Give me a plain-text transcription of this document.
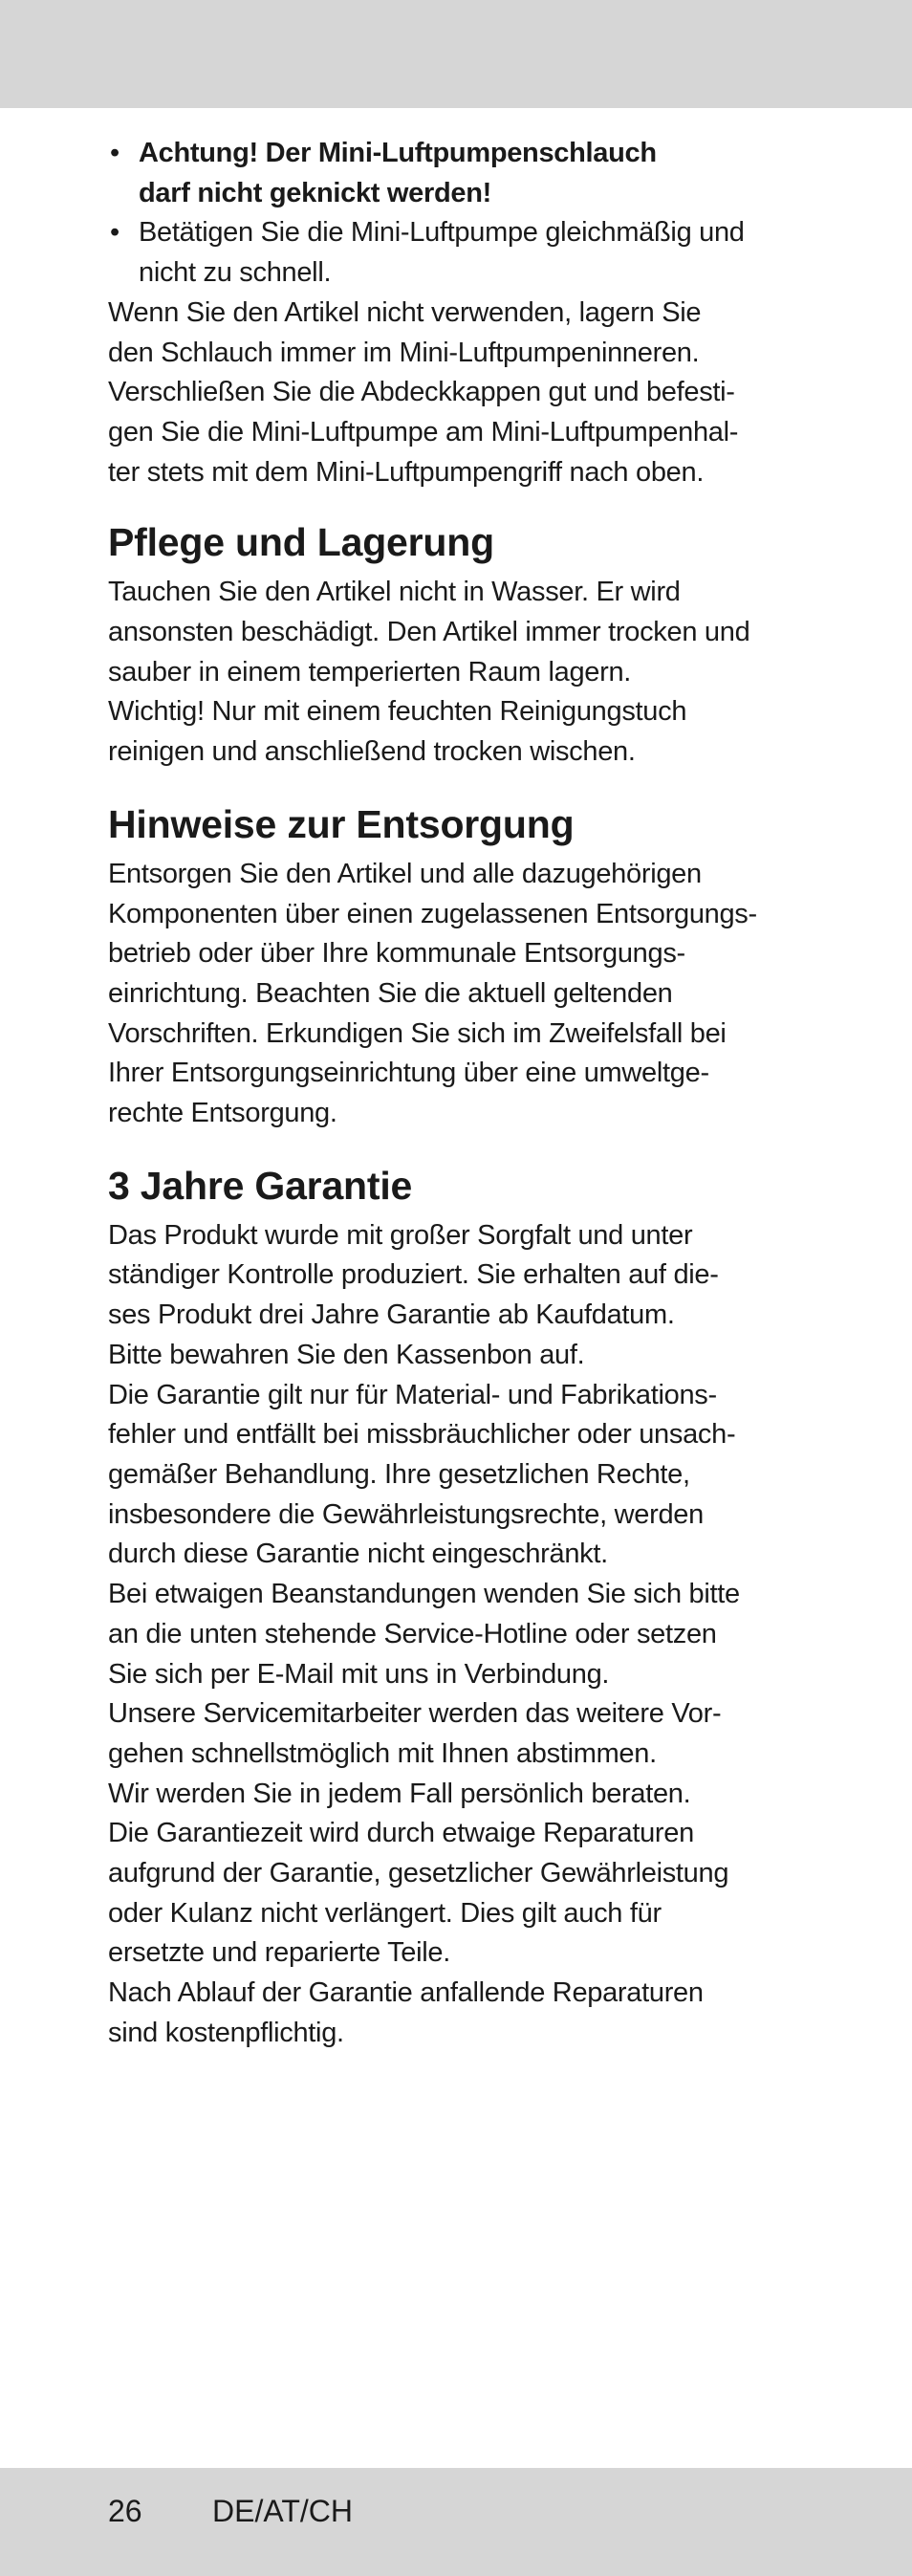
• Achtung! Der Mini-Luftpumpenschlauch
darf nicht geknickt werden!
• Betätigen Sie die Mini-Luftpumpe gleichmäßig und
nicht zu schnell.
Wenn Sie den Artikel nicht verwenden, lagern Sie
den Schlauch immer im Mini-Luftpumpeninneren.
Verschließen Sie die Abdeckkappen gut und befesti-
gen Sie die Mini-Luftpumpe am Mini-Luftpumpenhal-
ter stets mit dem Mini-Luftpumpengriff nach oben.
Pflege und Lagerung
Tauchen Sie den Artikel nicht in Wasser. Er wird
ansonsten beschädigt. Den Artikel immer trocken und
sauber in einem temperierten Raum lagern.
Wichtig! Nur mit einem feuchten Reinigungstuch
reinigen und anschließend trocken wischen.
Hinweise zur Entsorgung
Entsorgen Sie den Artikel und alle dazugehörigen
Komponenten über einen zugelassenen Entsorgungs-
betrieb oder über Ihre kommunale Entsorgungs-
einrichtung. Beachten Sie die aktuell geltenden
Vorschriften. Erkundigen Sie sich im Zweifelsfall bei
Ihrer Entsorgungseinrichtung über eine umweltge-
rechte Entsorgung.
3 Jahre Garantie
Das Produkt wurde mit großer Sorgfalt und unter
ständiger Kontrolle produziert. Sie erhalten auf die-
ses Produkt drei Jahre Garantie ab Kaufdatum.
Bitte bewahren Sie den Kassenbon auf.
Die Garantie gilt nur für Material- und Fabrikations-
fehler und entfällt bei missbräuchlicher oder unsach-
gemäßer Behandlung. Ihre gesetzlichen Rechte,
insbesondere die Gewährleistungsrechte, werden
durch diese Garantie nicht eingeschränkt.
Bei etwaigen Beanstandungen wenden Sie sich bitte
an die unten stehende Service-Hotline oder setzen
Sie sich per E-Mail mit uns in Verbindung.
Unsere Servicemitarbeiter werden das weitere Vor-
gehen schnellstmöglich mit Ihnen abstimmen.
Wir werden Sie in jedem Fall persönlich beraten.
Die Garantiezeit wird durch etwaige Reparaturen
aufgrund der Garantie, gesetzlicher Gewährleistung
oder Kulanz nicht verlängert. Dies gilt auch für
ersetzte und reparierte Teile.
Nach Ablauf der Garantie anfallende Reparaturen
sind kostenpflichtig.
26 DE/AT/CH
